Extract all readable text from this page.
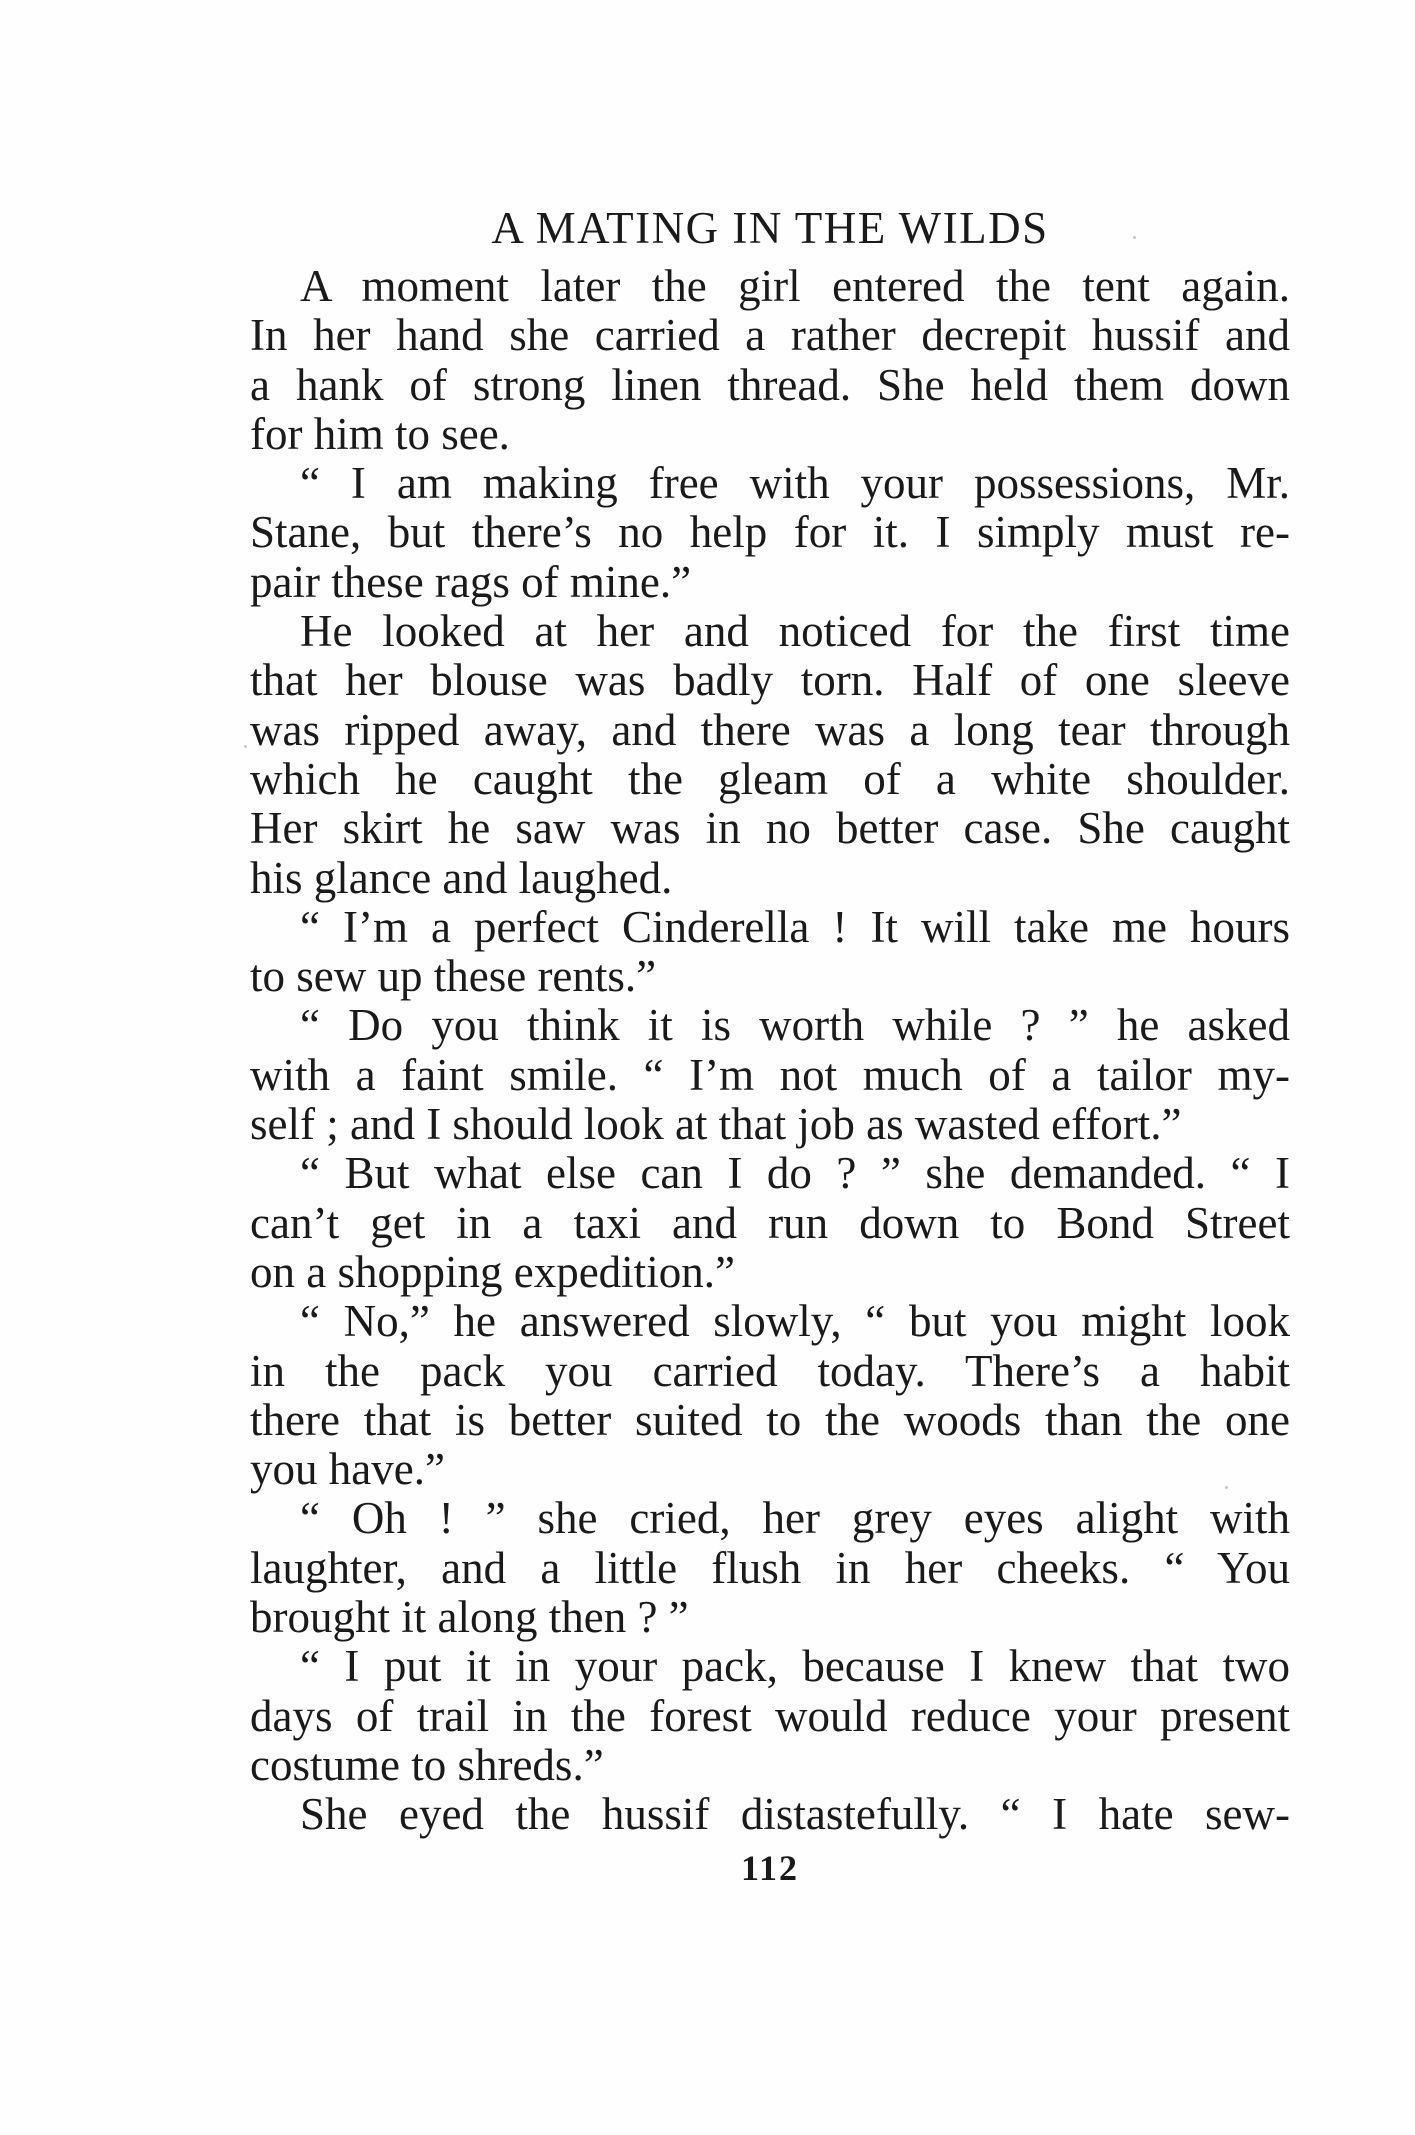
A MATING IN THE WILDS
A moment later the girl entered the tent again.
In her hand she carried a rather decrepit hussif and
a hank of strong linen thread. She held them down
for him to see.
“ I am making free with your possessions, Mr.
Stane, but there’s no help for it. I simply must re-
pair these rags of mine.”
He looked at her and noticed for the first time
that her blouse was badly torn. Half of one sleeve
was ripped away, and there was a long tear through
which he caught the gleam of a white shoulder.
Her skirt he saw was in no better case. She caught
his glance and laughed.
“ I’m a perfect Cinderella ! It will take me hours
to sew up these rents.”
“ Do you think it is worth while ? ” he asked
with a faint smile. “ I’m not much of a tailor my-
self ; and I should look at that job as wasted effort.”
“ But what else can I do ? ” she demanded. “ I
can’t get in a taxi and run down to Bond Street
on a shopping expedition.”
“ No,” he answered slowly, “ but you might look
in the pack you carried today. There’s a habit
there that is better suited to the woods than the one
you have.”
“ Oh ! ” she cried, her grey eyes alight with
laughter, and a little flush in her cheeks. “ You
brought it along then ? ”
“ I put it in your pack, because I knew that two
days of trail in the forest would reduce your present
costume to shreds.”
She eyed the hussif distastefully. “ I hate sew-
112
